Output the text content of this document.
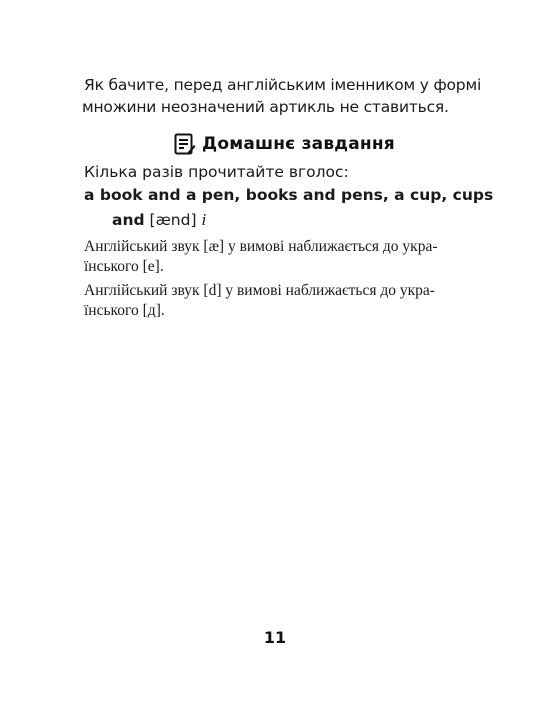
Як бачите, перед англійським іменником у формі
множини неозначений артикль не ставиться.
Домашнє завдання

Кілька разів прочитайте вголос:

a book and a pen, books and pens, a cup, cups

and [ænd] і

Англійський звук [æ] у вимові наближається до укра-
їнського [е].

Англійський звук [d] у вимові наближається до укра-
їнського [д].

11
